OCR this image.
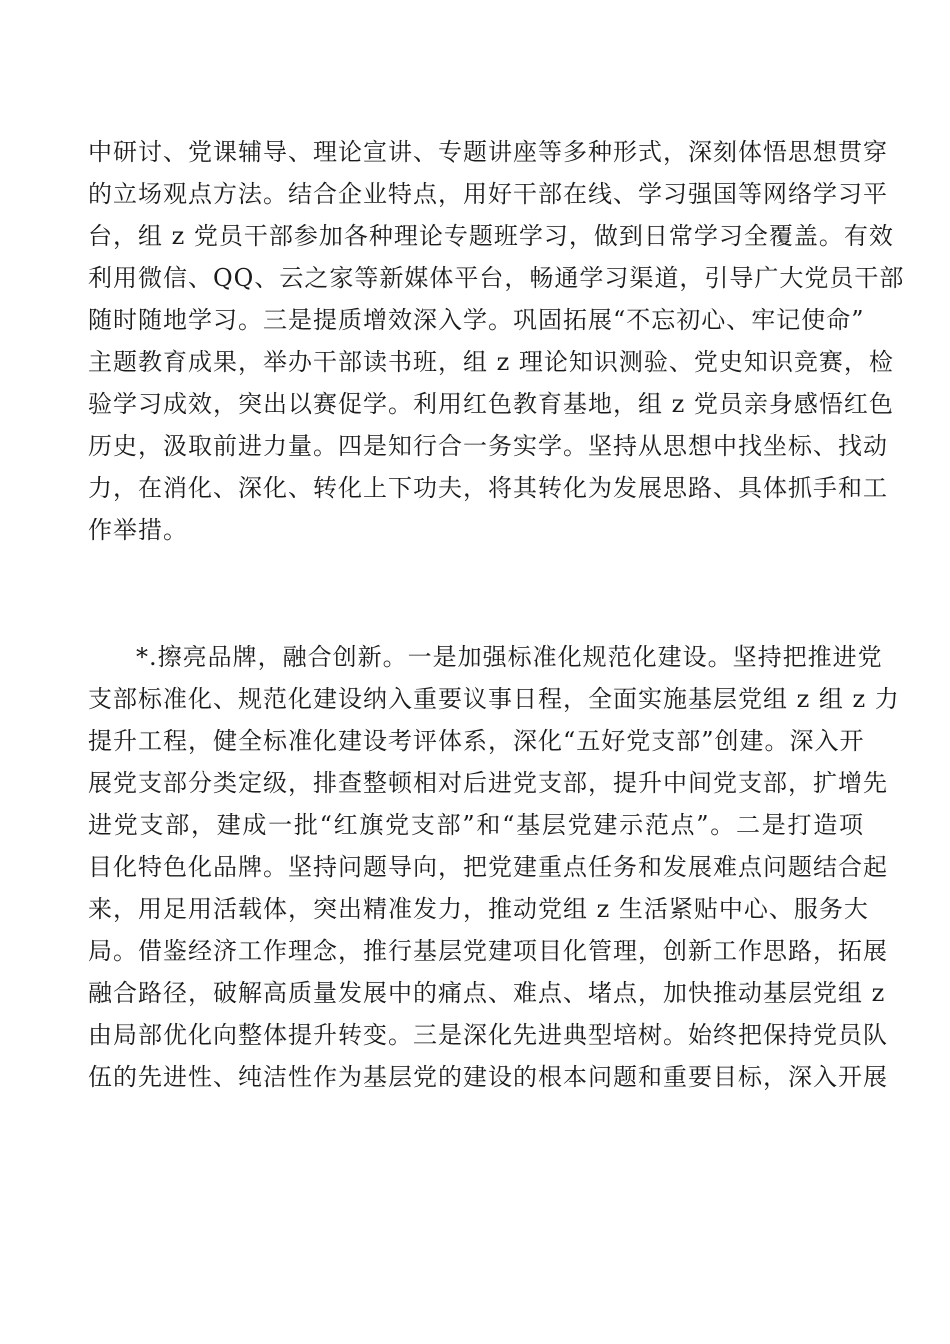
中研讨、党课辅导、理论宣讲、专题讲座等多种形式，深刻体悟思想贯穿
的立场观点方法。结合企业特点，用好干部在线、学习强国等网络学习平
台，组 z 党员干部参加各种理论专题班学习，做到日常学习全覆盖。有效
利用微信、QQ、云之家等新媒体平台，畅通学习渠道，引导广大党员干部
随时随地学习。三是提质增效深入学。巩固拓展“不忘初心、牢记使命”
主题教育成果，举办干部读书班，组 z 理论知识测验、党史知识竞赛，检
验学习成效，突出以赛促学。利用红色教育基地，组 z 党员亲身感悟红色
历史，汲取前进力量。四是知行合一务实学。坚持从思想中找坐标、找动
力，在消化、深化、转化上下功夫，将其转化为发展思路、具体抓手和工
作举措。
*.擦亮品牌，融合创新。一是加强标准化规范化建设。坚持把推进党
支部标准化、规范化建设纳入重要议事日程，全面实施基层党组 z 组 z 力
提升工程，健全标准化建设考评体系，深化“五好党支部”创建。深入开
展党支部分类定级，排查整顿相对后进党支部，提升中间党支部，扩增先
进党支部，建成一批“红旗党支部”和“基层党建示范点”。二是打造项
目化特色化品牌。坚持问题导向，把党建重点任务和发展难点问题结合起
来，用足用活载体，突出精准发力，推动党组 z 生活紧贴中心、服务大
局。借鉴经济工作理念，推行基层党建项目化管理，创新工作思路，拓展
融合路径，破解高质量发展中的痛点、难点、堵点，加快推动基层党组 z
由局部优化向整体提升转变。三是深化先进典型培树。始终把保持党员队
伍的先进性、纯洁性作为基层党的建设的根本问题和重要目标，深入开展
